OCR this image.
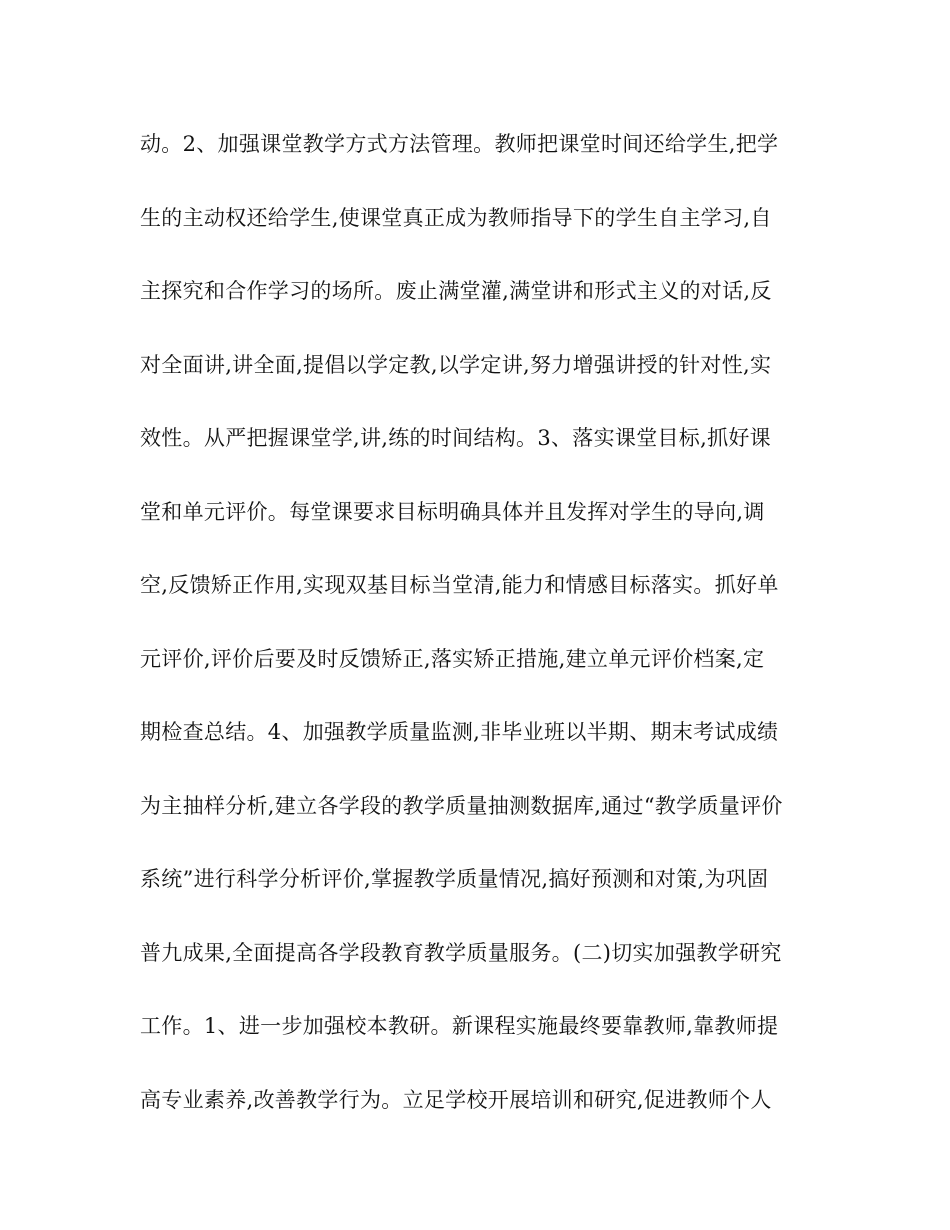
动。2、加强课堂教学方式方法管理。教师把课堂时间还给学生,把学
生的主动权还给学生,使课堂真正成为教师指导下的学生自主学习,自
主探究和合作学习的场所。废止满堂灌,满堂讲和形式主义的对话,反
对全面讲,讲全面,提倡以学定教,以学定讲,努力增强讲授的针对性,实
效性。从严把握课堂学,讲,练的时间结构。3、落实课堂目标,抓好课
堂和单元评价。每堂课要求目标明确具体并且发挥对学生的导向,调
空,反馈矫正作用,实现双基目标当堂清,能力和情感目标落实。抓好单
元评价,评价后要及时反馈矫正,落实矫正措施,建立单元评价档案,定
期检查总结。4、加强教学质量监测,非毕业班以半期、期末考试成绩
为主抽样分析,建立各学段的教学质量抽测数据库,通过“教学质量评价
系统”进行科学分析评价,掌握教学质量情况,搞好预测和对策,为巩固
普九成果,全面提高各学段教育教学质量服务。(二)切实加强教学研究
工作。1、进一步加强校本教研。新课程实施最终要靠教师,靠教师提
高专业素养,改善教学行为。立足学校开展培训和研究,促进教师个人
